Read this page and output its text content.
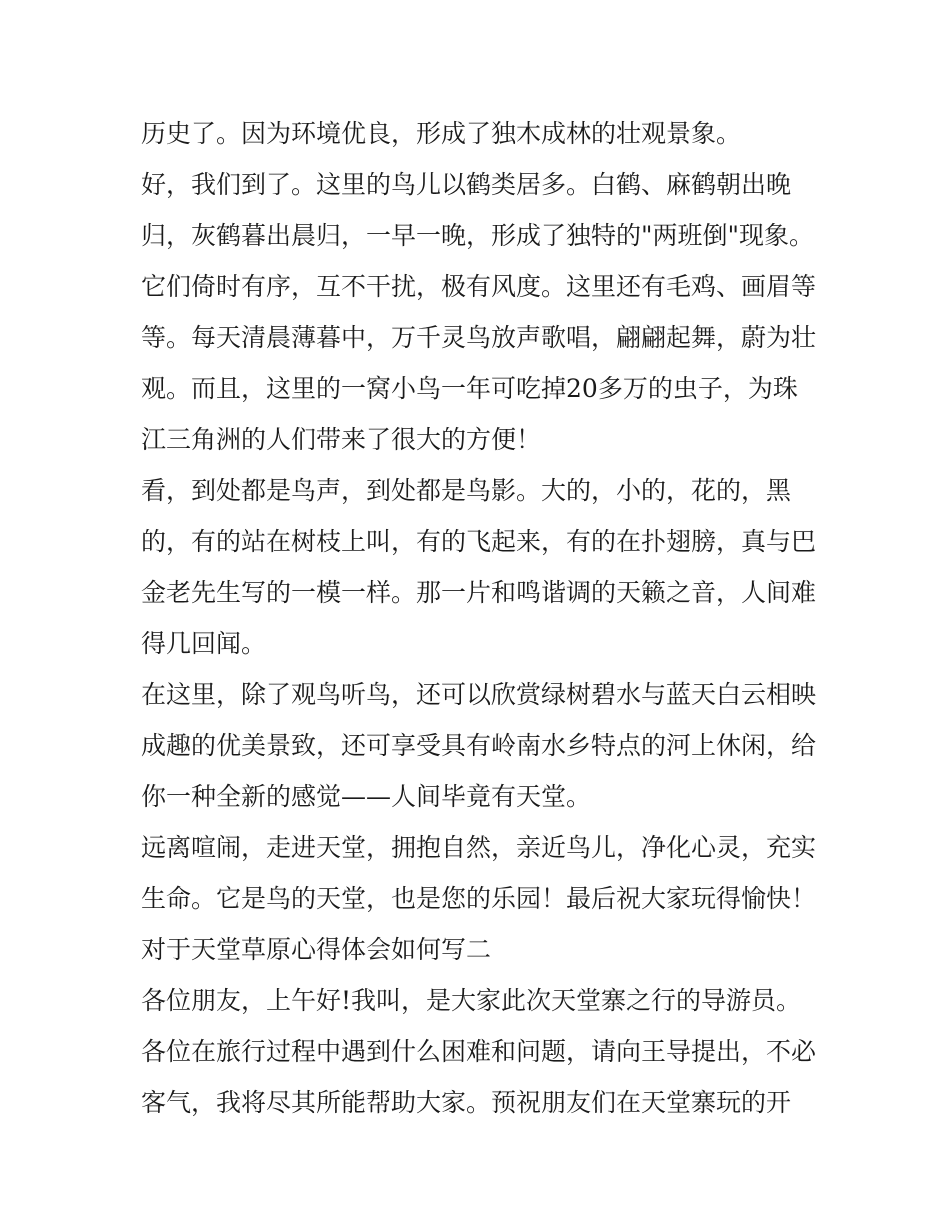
历史了。因为环境优良，形成了独木成林的壮观景象。
好，我们到了。这里的鸟儿以鹤类居多。白鹤、麻鹤朝出晚
归，灰鹤暮出晨归，一早一晚，形成了独特的"两班倒"现象。
它们倚时有序，互不干扰，极有风度。这里还有毛鸡、画眉等
等。每天清晨薄暮中，万千灵鸟放声歌唱，翩翩起舞，蔚为壮
观。而且，这里的一窝小鸟一年可吃掉20多万的虫子，为珠
江三角洲的人们带来了很大的方便！
看，到处都是鸟声，到处都是鸟影。大的，小的，花的，黑
的，有的站在树枝上叫，有的飞起来，有的在扑翅膀，真与巴
金老先生写的一模一样。那一片和鸣谐调的天籁之音，人间难
得几回闻。
在这里，除了观鸟听鸟，还可以欣赏绿树碧水与蓝天白云相映
成趣的优美景致，还可享受具有岭南水乡特点的河上休闲，给
你一种全新的感觉——人间毕竟有天堂。
远离喧闹，走进天堂，拥抱自然，亲近鸟儿，净化心灵，充实
生命。它是鸟的天堂，也是您的乐园！最后祝大家玩得愉快！
对于天堂草原心得体会如何写二
各位朋友，上午好!我叫，是大家此次天堂寨之行的导游员。
各位在旅行过程中遇到什么困难和问题，请向王导提出，不必
客气，我将尽其所能帮助大家。预祝朋友们在天堂寨玩的开
